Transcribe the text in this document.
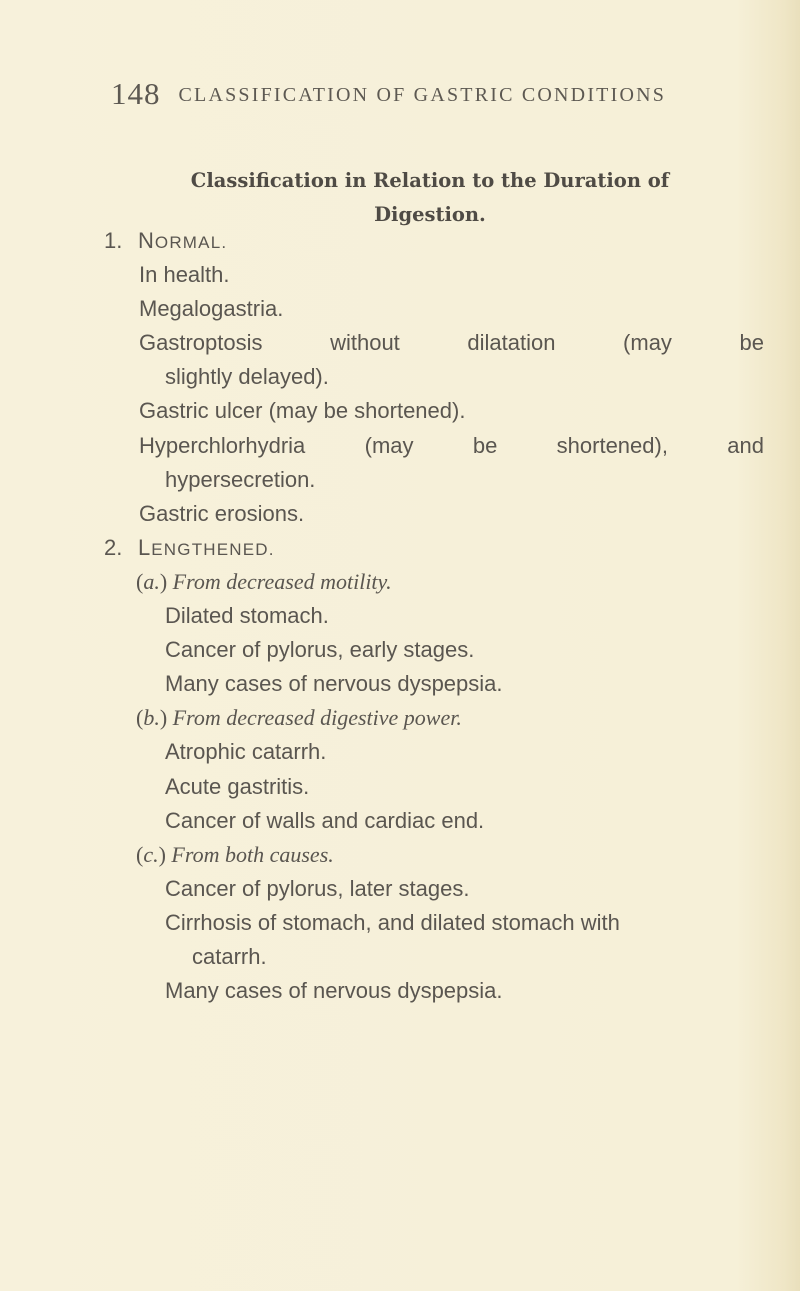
148 CLASSIFICATION OF GASTRIC CONDITIONS
Classification in Relation to the Duration of
Digestion.
1. NORMAL.
In health.
Megalogastria.
Gastroptosis without dilatation (may be
slightly delayed).
Gastric ulcer (may be shortened).
Hyperchlorhydria (may be shortened), and
hypersecretion.
Gastric erosions.
2. LENGTHENED.
(a.) From decreased motility.
Dilated stomach.
Cancer of pylorus, early stages.
Many cases of nervous dyspepsia.
(b.) From decreased digestive power.
Atrophic catarrh.
Acute gastritis.
Cancer of walls and cardiac end.
(c.) From both causes.
Cancer of pylorus, later stages.
Cirrhosis of stomach, and dilated stomach with
catarrh.
Many cases of nervous dyspepsia.
